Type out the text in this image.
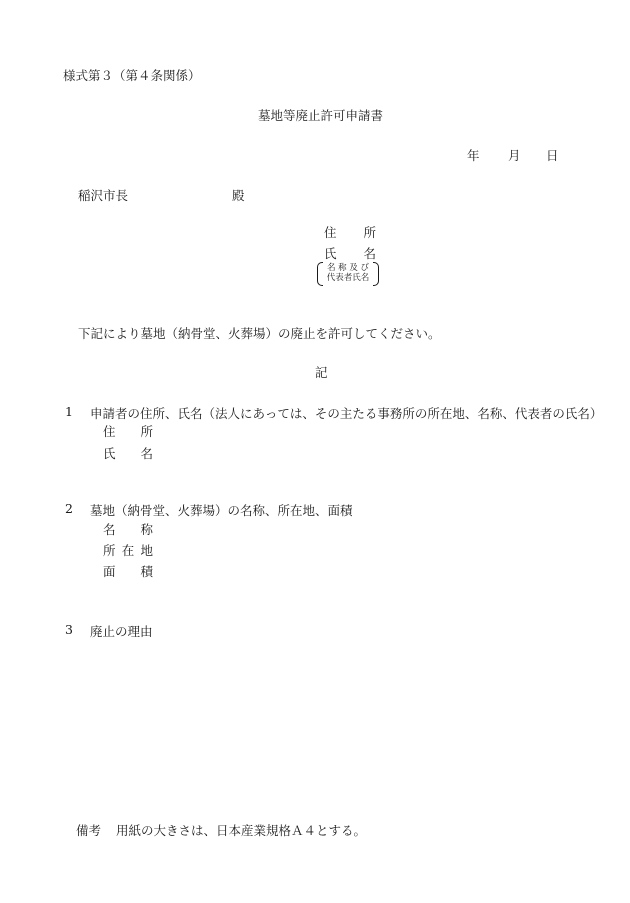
様式第３（第４条関係）
墓地等廃止許可申請書
年 月 日
稲沢市長	殿
住 所
氏 名
名 称 及 び
代表者氏名
下記により墓地（納骨堂、火葬場）の廃止を許可してください。
記
1 申請者の住所、氏名（法人にあっては、その主たる事務所の所在地、名称、代表者の氏名）
住 所
氏 名
2 墓地（納骨堂、火葬場）の名称、所在地、面積
名 称
所 在 地
面 積
3 廃止の理由
備考 用紙の大きさは、日本産業規格Ａ４とする。
